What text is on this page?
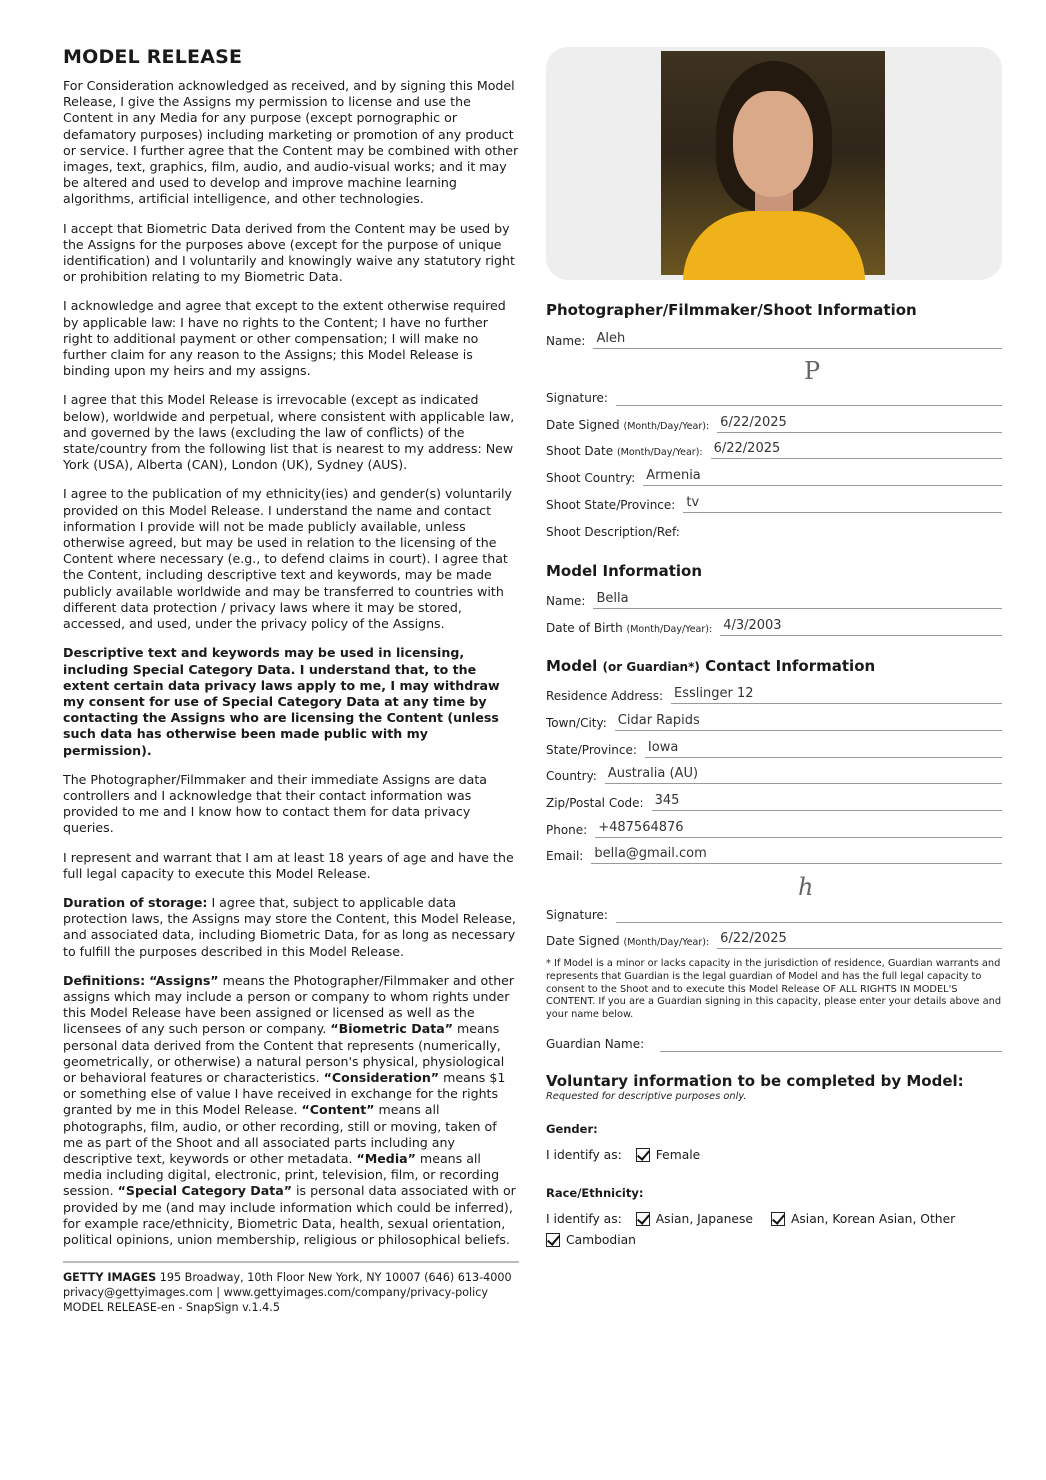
MODEL RELEASE

For Consideration acknowledged as received, and by signing this Model Release, I give the Assigns my permission to license and use the Content in any Media for any purpose (except pornographic or defamatory purposes) including marketing or promotion of any product or service. I further agree that the Content may be combined with other images, text, graphics, film, audio, and audio-visual works; and it may be altered and used to develop and improve machine learning algorithms, artificial intelligence, and other technologies.

I accept that Biometric Data derived from the Content may be used by the Assigns for the purposes above (except for the purpose of unique identification) and I voluntarily and knowingly waive any statutory right or prohibition relating to my Biometric Data.

I acknowledge and agree that except to the extent otherwise required by applicable law: I have no rights to the Content; I have no further right to additional payment or other compensation; I will make no further claim for any reason to the Assigns; this Model Release is binding upon my heirs and my assigns.

I agree that this Model Release is irrevocable (except as indicated below), worldwide and perpetual, where consistent with applicable law, and governed by the laws (excluding the law of conflicts) of the state/country from the following list that is nearest to my address: New York (USA), Alberta (CAN), London (UK), Sydney (AUS).

I agree to the publication of my ethnicity(ies) and gender(s) voluntarily provided on this Model Release. I understand the name and contact information I provide will not be made publicly available, unless otherwise agreed, but may be used in relation to the licensing of the Content where necessary (e.g., to defend claims in court). I agree that the Content, including descriptive text and keywords, may be made publicly available worldwide and may be transferred to countries with different data protection / privacy laws where it may be stored, accessed, and used, under the privacy policy of the Assigns.

Descriptive text and keywords may be used in licensing, including Special Category Data. I understand that, to the extent certain data privacy laws apply to me, I may withdraw my consent for use of Special Category Data at any time by contacting the Assigns who are licensing the Content (unless such data has otherwise been made public with my permission).

The Photographer/Filmmaker and their immediate Assigns are data controllers and I acknowledge that their contact information was provided to me and I know how to contact them for data privacy queries.

I represent and warrant that I am at least 18 years of age and have the full legal capacity to execute this Model Release.

Duration of storage: I agree that, subject to applicable data protection laws, the Assigns may store the Content, this Model Release, and associated data, including Biometric Data, for as long as necessary to fulfill the purposes described in this Model Release.

Definitions: “Assigns” means the Photographer/Filmmaker and other assigns which may include a person or company to whom rights under this Model Release have been assigned or licensed as well as the licensees of any such person or company. “Biometric Data” means personal data derived from the Content that represents (numerically, geometrically, or otherwise) a natural person's physical, physiological or behavioral features or characteristics. “Consideration” means $1 or something else of value I have received in exchange for the rights granted by me in this Model Release. “Content” means all photographs, film, audio, or other recording, still or moving, taken of me as part of the Shoot and all associated parts including any descriptive text, keywords or other metadata. “Media” means all media including digital, electronic, print, television, film, or recording session. “Special Category Data” is personal data associated with or provided by me (and may include information which could be inferred), for example race/ethnicity, Biometric Data, health, sexual orientation, political opinions, union membership, religious or philosophical beliefs.

GETTY IMAGES 195 Broadway, 10th Floor New York, NY 10007 (646) 613-4000
privacy@gettyimages.com | www.gettyimages.com/company/privacy-policy
MODEL RELEASE-en - SnapSign v.1.4.5
Photographer/Filmmaker/Shoot Information
Name: Aleh
P
Signature:
Date Signed (Month/Day/Year): 6/22/2025
Shoot Date (Month/Day/Year): 6/22/2025
Shoot Country: Armenia
Shoot State/Province: tv
Shoot Description/Ref:
Model Information
Name: Bella
Date of Birth (Month/Day/Year): 4/3/2003
Model (or Guardian*) Contact Information
Residence Address: Esslinger 12
Town/City: Cidar Rapids
State/Province: Iowa
Country: Australia (AU)
Zip/Postal Code: 345
Phone: +487564876
Email: bella@gmail.com
h
Signature:
Date Signed (Month/Day/Year): 6/22/2025
* If Model is a minor or lacks capacity in the jurisdiction of residence, Guardian warrants and represents that Guardian is the legal guardian of Model and has the full legal capacity to consent to the Shoot and to execute this Model Release OF ALL RIGHTS IN MODEL'S CONTENT. If you are a Guardian signing in this capacity, please enter your details above and your name below.
Guardian Name:
Voluntary information to be completed by Model:
Requested for descriptive purposes only.
Gender:
I identify as:	Female
Race/Ethnicity:
I identify as:	Asian, Japanese	Asian, Korean Asian, Other
Cambodian
